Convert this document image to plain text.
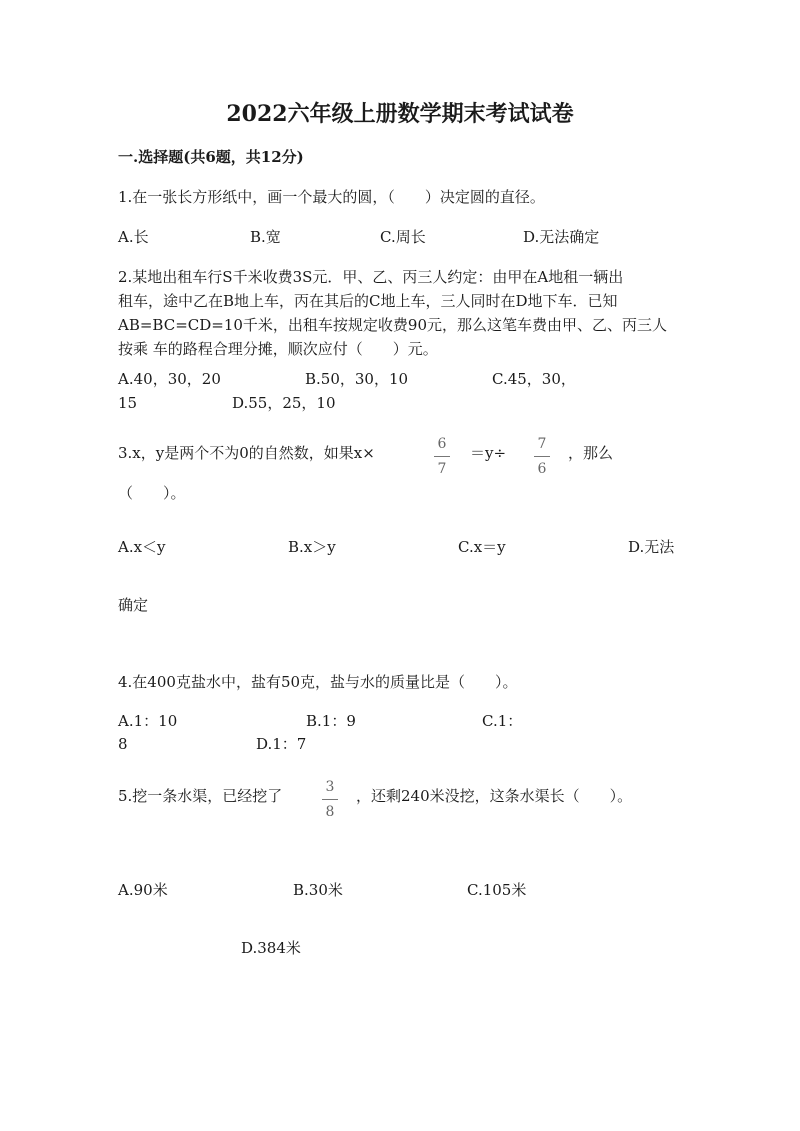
2022六年级上册数学期末考试试卷
一.选择题(共6题，共12分)
1.在一张长方形纸中，画一个最大的圆，（　　）决定圆的直径。
A.长	B.宽	C.周长	D.无法确定
2.某地出租车行S千米收费3S元．甲、乙、丙三人约定：由甲在A地租一辆出
租车，途中乙在B地上车，丙在其后的C地上车，三人同时在D地下车．已知
AB=BC=CD=10千米，出租车按规定收费90元，那么这笔车费由甲、乙、丙三人
按乘 车的路程合理分摊，顺次应付（　　）元。
A.40，30，20	B.50，30，10	C.45，30，
15	D.55，25，10
3.x，y是两个不为0的自然数，如果x×	6
7
＝y÷	7
6
，那么
（　　）。
A.x＜y	B.x＞y	C.x＝y	D.无法
确定
4.在400克盐水中，盐有50克，盐与水的质量比是（　　）。
A.1：10	B.1：9	C.1：
8	D.1：7
5.挖一条水渠，已经挖了	3
8
，还剩240米没挖，这条水渠长（　　）。
A.90米	B.30米	C.105米
D.384米
